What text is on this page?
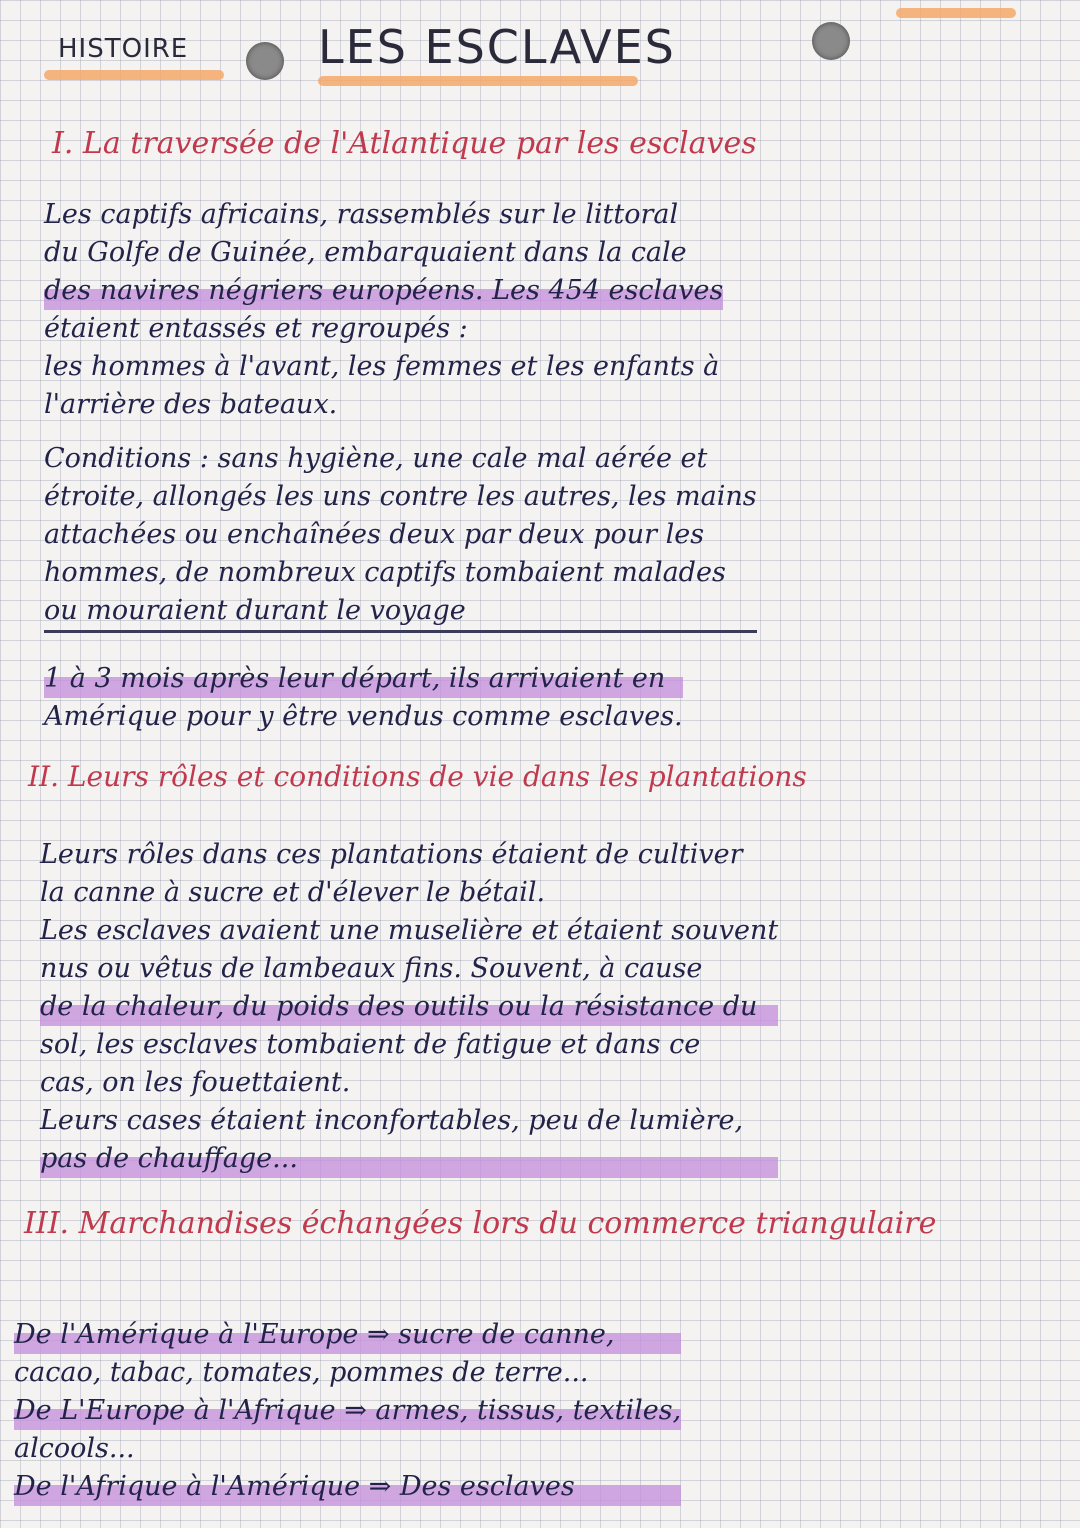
HISTOIRE	LES ESCLAVES
I. La traversée de l'Atlantique par les esclaves

Les captifs africains, rassemblés sur le littoral

du Golfe de Guinée, embarquaient dans la cale

des navires négriers européens. Les 454 esclaves

étaient entassés et regroupés :

les hommes à l'avant, les femmes et les enfants à

l'arrière des bateaux.

Conditions : sans hygiène, une cale mal aérée et

étroite, allongés les uns contre les autres, les mains

attachées ou enchaînées deux par deux pour les

hommes, de nombreux captifs tombaient malades

ou mouraient durant le voyage

1 à 3 mois après leur départ, ils arrivaient en

Amérique pour y être vendus comme esclaves.

II. Leurs rôles et conditions de vie dans les plantations

Leurs rôles dans ces plantations étaient de cultiver

la canne à sucre et d'élever le bétail.

Les esclaves avaient une muselière et étaient souvent

nus ou vêtus de lambeaux fins. Souvent, à cause

de la chaleur, du poids des outils ou la résistance du

sol, les esclaves tombaient de fatigue et dans ce

cas, on les fouettaient.

Leurs cases étaient inconfortables, peu de lumière,

pas de chauffage...

III. Marchandises échangées lors du commerce triangulaire

De l'Amérique à l'Europe ⇒ sucre de canne,

cacao, tabac, tomates, pommes de terre...

De L'Europe à l'Afrique ⇒ armes, tissus, textiles,

alcools...

De l'Afrique à l'Amérique ⇒ Des esclaves
